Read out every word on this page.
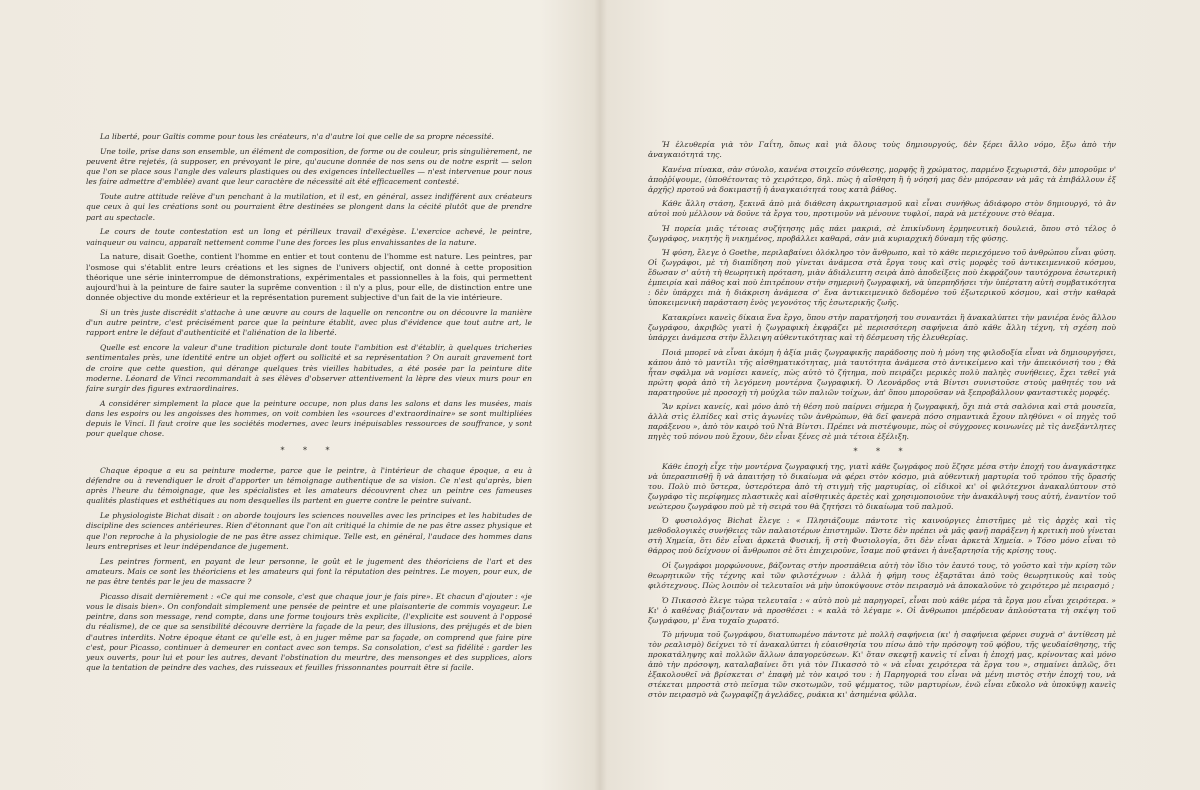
La liberté, pour Gaïtis comme pour tous les créateurs, n'a d'autre loi que celle de sa propre nécessité.

Une toile, prise dans son ensemble, un élément de composition, de forme ou de couleur, pris singulièrement, ne peuvent être rejetés, (à supposer, en prévoyant le pire, qu'aucune donnée de nos sens ou de notre esprit — selon que l'on se place sous l'angle des valeurs plastiques ou des exigences intellectuelles — n'est intervenue pour nous les faire admettre d'emblée) avant que leur caractère de nécessité ait été efficacement contesté.

Toute autre attitude relève d'un penchant à la mutilation, et il est, en général, assez indifférent aux créateurs que ceux à qui les créations sont ou pourraient être destinées se plongent dans la cécité plutôt que de prendre part au spectacle.

Le cours de toute contestation est un long et périlleux travail d'exégèse. L'exercice achevé, le peintre, vainqueur ou vaincu, apparaît nettement comme l'une des forces les plus envahissantes de la nature.

La nature, disait Goethe, contient l'homme en entier et tout contenu de l'homme est nature. Les peintres, par l'osmose qui s'établit entre leurs créations et les signes de l'univers objectif, ont donné à cette proposition théorique une série ininterrompue de démonstrations, expérimentales et passionnelles à la fois, qui permettent aujourd'hui à la peinture de faire sauter la suprême convention : il n'y a plus, pour elle, de distinction entre une donnée objective du monde extérieur et la représentation purement subjective d'un fait de la vie intérieure.

Si un très juste discrédit s'attache à une œuvre au cours de laquelle on rencontre ou on découvre la manière d'un autre peintre, c'est précisément parce que la peinture établit, avec plus d'évidence que tout autre art, le rapport entre le défaut d'authenticité et l'aliénation de la liberté.

Quelle est encore la valeur d'une tradition picturale dont toute l'ambition est d'établir, à quelques tricheries sentimentales près, une identité entre un objet offert ou sollicité et sa représentation ? On aurait gravement tort de croire que cette question, qui dérange quelques très vieilles habitudes, a été posée par la peinture dite moderne. Léonard de Vinci recommandait à ses élèves d'observer attentivement la lèpre des vieux murs pour en faire surgir des figures extraordinaires.

A considérer simplement la place que la peinture occupe, non plus dans les salons et dans les musées, mais dans les espoirs ou les angoisses des hommes, on voit combien les «sources d'extraordinaire» se sont multipliées depuis le Vinci. Il faut croire que les sociétés modernes, avec leurs inépuisables ressources de souffrance, y sont pour quelque chose.

* * *

Chaque époque a eu sa peinture moderne, parce que le peintre, à l'intérieur de chaque époque, a eu à défendre ou à revendiquer le droit d'apporter un témoignage authentique de sa vision. Ce n'est qu'après, bien après l'heure du témoignage, que les spécialistes et les amateurs découvrent chez un peintre ces fameuses qualités plastiques et esthétiques au nom desquelles ils partent en guerre contre le peintre suivant.

Le physiologiste Bichat disait : on aborde toujours les sciences nouvelles avec les principes et les habitudes de discipline des sciences antérieures. Rien d'étonnant que l'on ait critiqué la chimie de ne pas être assez physique et que l'on reproche à la physiologie de ne pas être assez chimique. Telle est, en général, l'audace des hommes dans leurs entreprises et leur indépendance de jugement.

Les peintres forment, en payant de leur personne, le goût et le jugement des théoriciens de l'art et des amateurs. Mais ce sont les théoriciens et les amateurs qui font la réputation des peintres. Le moyen, pour eux, de ne pas être tentés par le jeu de massacre ?

Picasso disait dernièrement : «Ce qui me console, c'est que chaque jour je fais pire». Et chacun d'ajouter : «je vous le disais bien». On confondait simplement une pensée de peintre et une plaisanterie de commis voyageur. Le peintre, dans son message, rend compte, dans une forme toujours très explicite, (l'explicite est souvent à l'opposé du réalisme), de ce que sa sensibilité découvre derrière la façade de la peur, des illusions, des préjugés et de bien d'autres interdits. Notre époque étant ce qu'elle est, à en juger même par sa façade, on comprend que faire pire c'est, pour Picasso, continuer à demeurer en contact avec son temps. Sa consolation, c'est sa fidélité : garder les yeux ouverts, pour lui et pour les autres, devant l'obstination du meurtre, des mensonges et des supplices, alors que la tentation de peindre des vaches, des ruisseaux et feuilles frissonnantes pourrait être si facile.

Ἡ ἐλευθερία γιὰ τὸν Γαΐτη, ὅπως καὶ γιὰ ὅλους τοὺς δημιουργούς, δὲν ξέρει ἄλλο νόμο, ἔξω ἀπὸ τὴν ἀναγκαιότητά της.

Κανένα πίνακα, σὰν σύνολο, κανένα στοιχεῖο σύνθεσης, μορφῆς ἢ χρώματος, παρμένο ξεχωριστά, δὲν μποροῦμε ν' ἀποῤῥίψουμε, (ὑποθέτοντας τὸ χειρότερο, δηλ. πὼς ἡ αἴσθηση ἢ ἡ νόησή μας δὲν μπόρεσαν νὰ μᾶς τὰ ἐπιβάλλουν ἐξ ἀρχῆς) προτοῦ νὰ δοκιμαστῇ ἡ ἀναγκαιότητά τους κατὰ βάθος.

Κάθε ἄλλη στάση, ξεκινᾶ ἀπὸ μιὰ διάθεση ἀκρωτηριασμοῦ καὶ εἶναι συνήθως ἀδιάφορο στὸν δημιουργό, τὸ ἂν αὐτοὶ ποὺ μέλλουν νὰ δοῦνε τὰ ἔργα του, προτιμοῦν νὰ μένουνε τυφλοί, παρὰ νὰ μετέχουνε στὸ θέαμα.

Ἡ πορεία μιᾶς τέτοιας συζήτησης μᾶς πάει μακριά, σὲ ἐπικίνδυνη ἑρμηνευτικὴ δουλειά, ὅπου στὸ τέλος ὁ ζωγράφος, νικητὴς ἢ νικημένος, προβάλλει καθαρά, σὰν μιὰ κυριαρχικὴ δύναμη τῆς φύσης.

Ἡ φύση, ἔλεγε ὁ Goethe, περιλαβαίνει ὁλόκληρο τὸν ἄνθρωπο, καὶ τὸ κάθε περιεχόμενο τοῦ ἀνθρώπου εἶναι φύση. Οἱ ζωγράφοι, μὲ τὴ διαπίδηση ποὺ γίνεται ἀνάμεσα στὰ ἔργα τους καὶ στὶς μορφὲς τοῦ ἀντικειμενικοῦ κόσμου, ἔδωσαν σ' αὐτὴ τὴ θεωρητικὴ πρόταση, μιὰν ἀδιάλειπτη σειρὰ ἀπὸ ἀποδείξεις ποὺ ἐκφράζουν ταυτόχρονα ἐσωτερικὴ ἐμπειρία καὶ πάθος καὶ ποὺ ἐπιτρέπουν στὴν σημερινὴ ζωγραφική, νὰ ὑπερπηδήσει τὴν ὑπέρτατη αὐτὴ συμβατικότητα : δὲν ὑπάρχει πιὰ ἡ διάκριση ἀνάμεσα σ' ἕνα ἀντικειμενικὸ δεδομένο τοῦ ἐξωτερικοῦ κόσμου, καὶ στὴν καθαρὰ ὑποκειμενικὴ παράσταση ἑνὸς γεγονότος τῆς ἐσωτερικῆς ζωῆς.

Κατακρίνει κανεὶς δίκαια ἕνα ἔργο, ὅπου στὴν παρατήρησή του συναντάει ἢ ἀνακαλύπτει τὴν μανιέρα ἑνὸς ἄλλου ζωγράφου, ἀκριβῶς γιατὶ ἡ ζωγραφικὴ ἐκφράζει μὲ περισσότερη σαφήνεια ἀπὸ κάθε ἄλλη τέχνη, τὴ σχέση ποὺ ὑπάρχει ἀνάμεσα στὴν ἔλλειψη αὐθεντικότητας καὶ τὴ δέσμευση τῆς ἐλευθερίας.

Ποιά μπορεῖ νὰ εἶναι ἀκόμη ἡ ἀξία μιᾶς ζωγραφικῆς παράδοσης ποὺ ἡ μόνη της φιλοδοξία εἶναι νὰ δημιουργήσει, κάπου ἀπὸ τὸ μαντίλι τῆς αἰσθηματικότητας, μιὰ ταυτότητα ἀνάμεσα στὸ ἀντικείμενο καὶ τὴν ἀπεικόνισή του ; Θὰ ἦταν σφάλμα νὰ νομίσει κανείς, πὼς αὐτὸ τὸ ζήτημα, ποὺ πειράζει μερικὲς πολὺ παληὲς συνήθειες, ἔχει τεθεῖ γιὰ πρώτη φορὰ ἀπὸ τὴ λεγόμενη μοντέρνα ζωγραφική. Ὁ Λεονάρδος ντὰ Βίντσι συνιστοῦσε στοὺς μαθητές του νὰ παρατηροῦνε μὲ προσοχὴ τὴ μούχλα τῶν παλιῶν τοίχων, ἀπ' ὅπου μποροῦσαν νὰ ξεπροβάλλουν φανταστικὲς μορφές.

Ἂν κρίνει κανείς, καὶ μόνο ἀπὸ τὴ θέση ποὺ παίρνει σήμερα ἡ ζωγραφική, ὄχι πιὰ στὰ σαλόνια καὶ στὰ μουσεῖα, ἀλλὰ στὶς ἐλπίδες καὶ στὶς ἀγωνίες τῶν ἀνθρώπων, θὰ δεῖ φανερὰ πόσο σημαντικὰ ἔχουν πληθύνει « οἱ πηγὲς τοῦ παράξενου », ἀπὸ τὸν καιρὸ τοῦ Ντὰ Βίντσι. Πρέπει νὰ πιστέψουμε, πὼς οἱ σύγχρονες κοινωνίες μὲ τὶς ἀνεξάντλητες πηγὲς τοῦ πόνου ποὺ ἔχουν, δὲν εἶναι ξένες σὲ μιὰ τέτοια ἐξέλιξη.

* * *

Κάθε ἐποχὴ εἶχε τὴν μοντέρνα ζωγραφική της, γιατὶ κάθε ζωγράφος ποὺ ἔζησε μέσα στὴν ἐποχή του ἀναγκάστηκε νὰ ὑπερασπισθῇ ἢ νὰ ἀπαιτήσῃ τὸ δικαίωμα νὰ φέρει στὸν κόσμο, μιὰ αὐθεντικὴ μαρτυρία τοῦ τρόπου τῆς ὅρασής του. Πολὺ πιὸ ὕστερα, ὑστερότερα ἀπὸ τὴ στιγμὴ τῆς μαρτυρίας, οἱ εἰδικοὶ κι' οἱ φιλότεχνοι ἀνακαλύπτουν στὸ ζωγράφο τὶς περίφημες πλαστικὲς καὶ αἰσθητικὲς ἀρετὲς καὶ χρησιμοποιοῦνε τὴν ἀνακάλυψή τους αὐτή, ἐναντίον τοῦ νεώτερου ζωγράφου ποὺ μὲ τὴ σειρά του θὰ ζητήσει τὸ δικαίωμα τοῦ παλμοῦ.

Ὁ φυσιολόγος Bichat ἔλεγε : « Πλησιάζουμε πάντοτε τὶς καινούργιες ἐπιστῆμες μὲ τὶς ἀρχὲς καὶ τὶς μεθοδολογικὲς συνήθειες τῶν παλαιοτέρων ἐπιστημῶν. Ὥστε δὲν πρέπει νὰ μᾶς φανῇ παράξενη ἡ κριτικὴ ποὺ γίνεται στὴ Χημεία, ὅτι δὲν εἶναι ἀρκετὰ Φυσική, ἢ στὴ Φυσιολογία, ὅτι δὲν εἶναι ἀρκετὰ Χημεία. » Τόσο μόνο εἶναι τὸ θάρρος ποὺ δείχνουν οἱ ἄνθρωποι σὲ ὅτι ἐπιχειροῦνε, ἴσαμε ποῦ φτάνει ἡ ἀνεξαρτησία τῆς κρίσης τους.

Οἱ ζωγράφοι μορφώνουνε, βάζοντας στὴν προσπάθεια αὐτὴ τὸν ἴδιο τὸν ἑαυτό τους, τὸ γοῦστο καὶ τὴν κρίση τῶν θεωρητικῶν τῆς τέχνης καὶ τῶν φιλοτέχνων : ἀλλὰ ἡ φήμη τους ἐξαρτᾶται ἀπὸ τοὺς θεωρητικοὺς καὶ τοὺς φιλότεχνους. Πὼς λοιπὸν οἱ τελευταῖοι νὰ μὴν ὑποκύψουνε στὸν πειρασμὸ νὰ ἀποκαλοῦνε τὸ χειρότερο μὲ πειρασμό ;

Ὁ Πικασσὸ ἔλεγε τώρα τελευταῖα : « αὐτὸ ποὺ μὲ παρηγορεῖ, εἶναι ποὺ κάθε μέρα τὰ ἔργα μου εἶναι χειρότερα. » Κι' ὁ καθένας βιάζονταν νὰ προσθέσει : « καλὰ τὸ λέγαμε ». Οἱ ἄνθρωποι μπέρδευαν ἁπλούστατα τὴ σκέψη τοῦ ζωγράφου, μ' ἕνα τυχαῖο χωρατό.

Τὸ μήνυμα τοῦ ζωγράφου, διατυπωμένο πάντοτε μὲ πολλὴ σαφήνεια (κι' ἡ σαφήνεια φέρνει συχνὰ σ' ἀντίθεση μὲ τὸν ρεαλισμὸ) δείχνει τὸ τί ἀνακαλύπτει ἡ εὐαισθησία του πίσω ἀπὸ τὴν πρόσοψη τοῦ φόβου, τῆς ψευδαίσθησης, τῆς προκατάληψης καὶ πολλῶν ἄλλων ἀπαγορεύσεων. Κι' ὅταν σκεφτῇ κανεὶς τί εἶναι ἡ ἐποχή μας, κρίνοντας καὶ μόνο ἀπὸ τὴν πρόσοψη, καταλαβαίνει ὅτι γιὰ τὸν Πικασσὸ τὸ « νὰ εἶναι χειρότερα τὰ ἔργα του », σημαίνει ἁπλῶς, ὅτι ἐξακολουθεῖ νὰ βρίσκεται σ' ἐπαφὴ μὲ τὸν καιρό του : ἡ Παρηγοριά του εἶναι νὰ μένη πιστὸς στὴν ἐποχή του, νὰ στέκεται μπροστὰ στὸ πεῖσμα τῶν σκοτωμῶν, τοῦ ψέμματος, τῶν μαρτυρίων, ἐνῶ εἶναι εὔκολο νὰ ὑποκύψῃ κανεὶς στὸν πειρασμὸ νὰ ζωγραφίζῃ ἀγελάδες, ρυάκια κι' ἀσημένια φύλλα.
